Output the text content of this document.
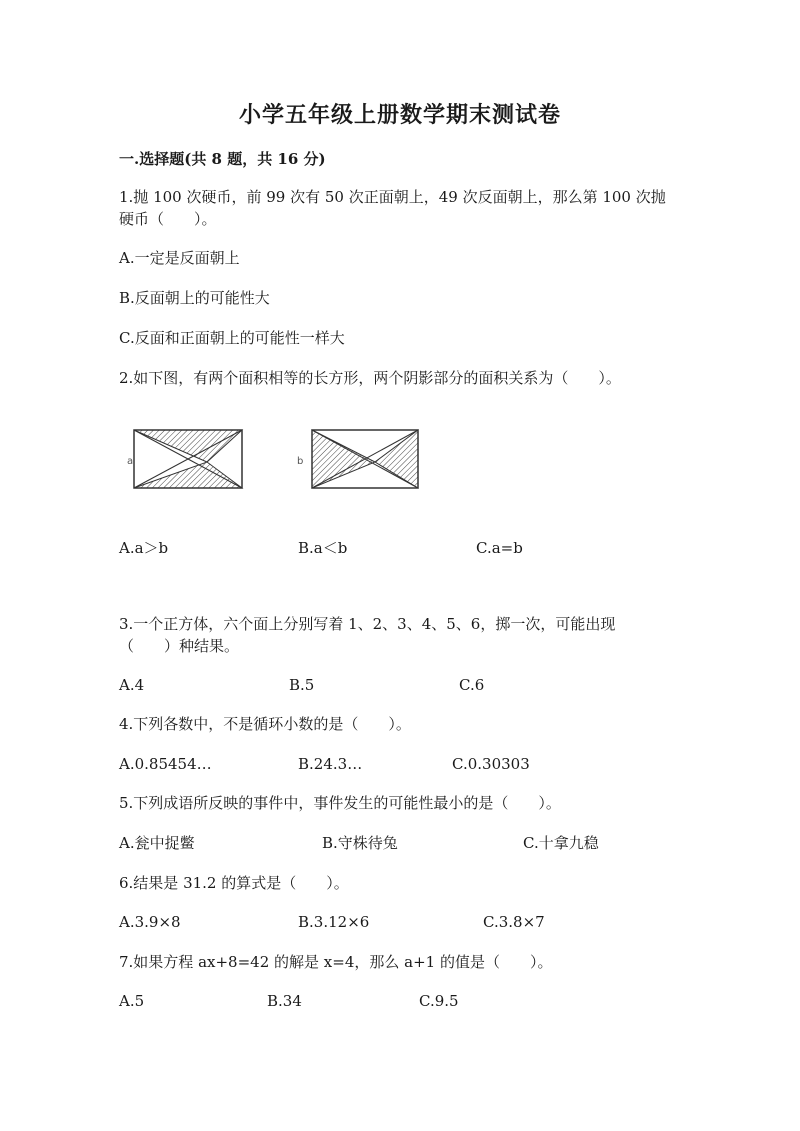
小学五年级上册数学期末测试卷
一.选择题(共 8 题，共 16 分)
1.抛 100 次硬币，前 99 次有 50 次正面朝上，49 次反面朝上，那么第 100 次抛
硬币（　　）。
A.一定是反面朝上
B.反面朝上的可能性大
C.反面和正面朝上的可能性一样大
2.如下图，有两个面积相等的长方形，两个阴影部分的面积关系为（　　）。
a	b
A.a＞b	B.a＜b	C.a=b
3.一个正方体，六个面上分别写着 1、2、3、4、5、6，掷一次，可能出现
（　　）种结果。
A.4	B.5	C.6
4.下列各数中，不是循环小数的是（　　）。
A.0.85454…	B.24.3…	C.0.30303
5.下列成语所反映的事件中，事件发生的可能性最小的是（　　）。
A.瓮中捉鳖	B.守株待兔	C.十拿九稳
6.结果是 31.2 的算式是（　　）。
A.3.9×8	B.3.12×6	C.3.8×7
7.如果方程 ax+8=42 的解是 x=4，那么 a+1 的值是（　　）。
A.5	B.34	C.9.5
